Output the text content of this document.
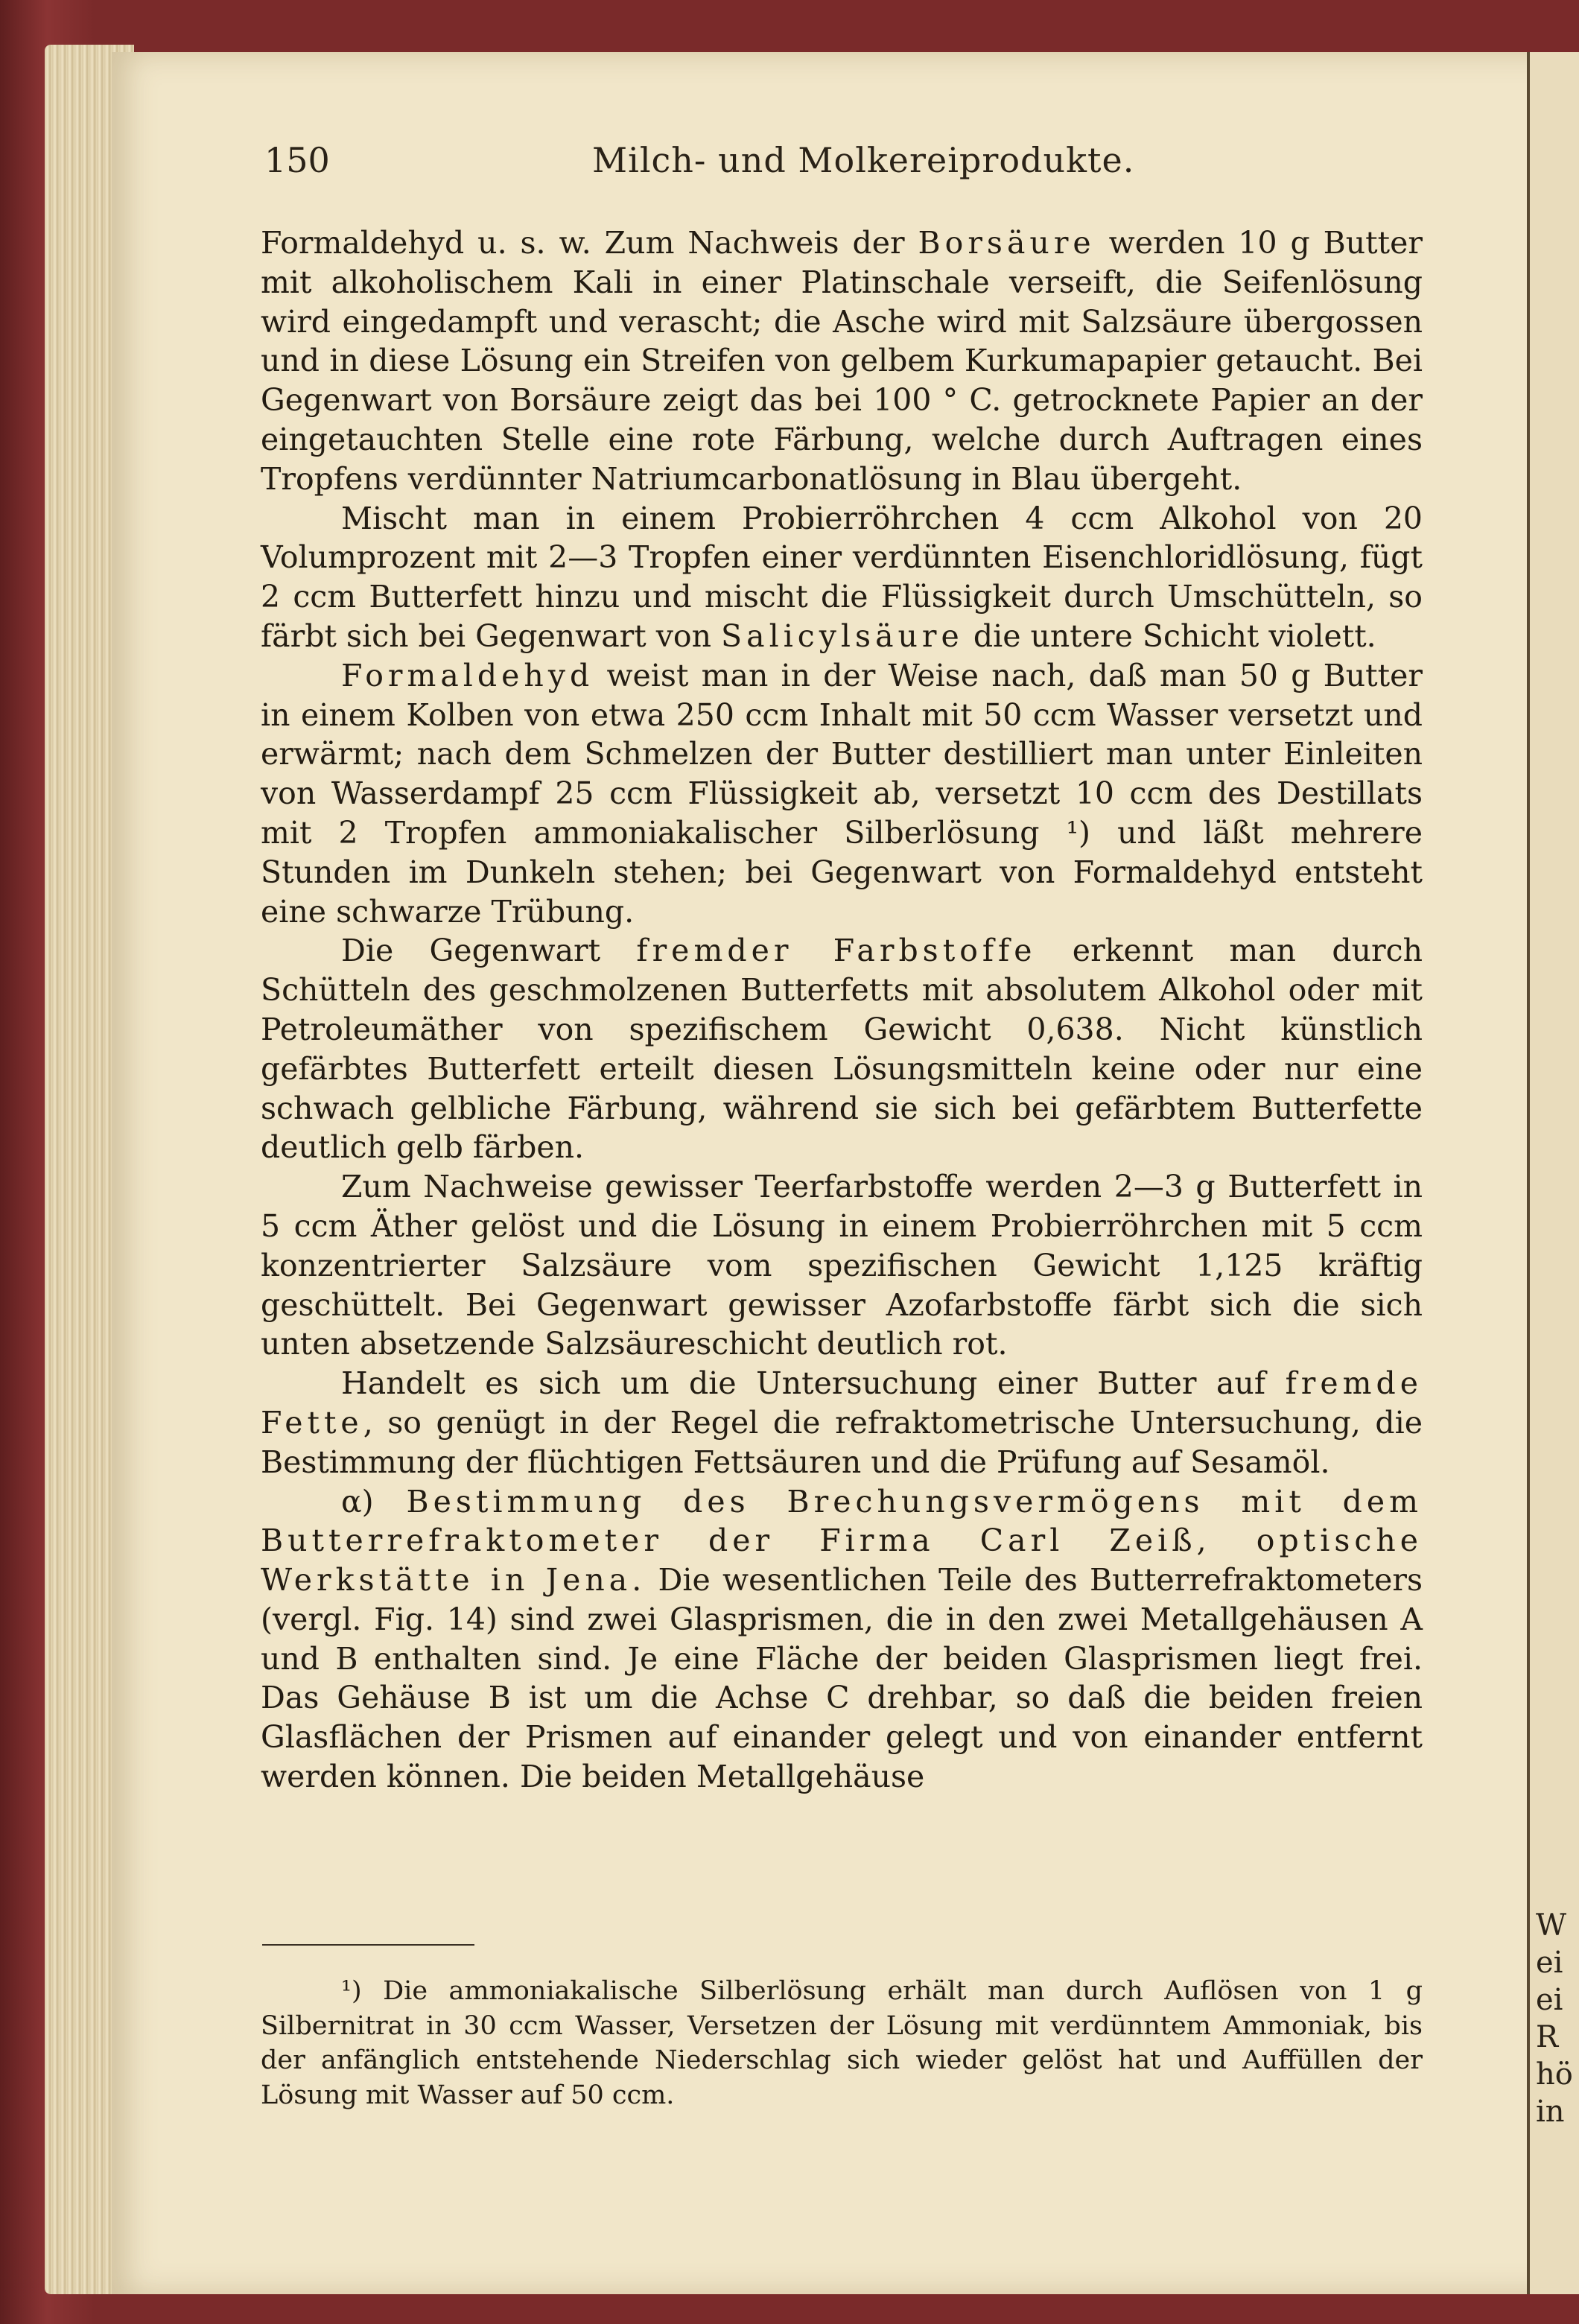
W
ei
ei
R
hö
in
150	Milch- und Molkereiprodukte.

Formaldehyd u. s. w. Zum Nachweis der Borsäure werden 10 g Butter mit alkoholischem Kali in einer Platinschale verseift, die Seifenlösung wird eingedampft und verascht; die Asche wird mit Salzsäure übergossen und in diese Lösung ein Streifen von gelbem Kurkumapapier getaucht. Bei Gegenwart von Borsäure zeigt das bei 100 ° C. getrocknete Papier an der eingetauchten Stelle eine rote Färbung, welche durch Auftragen eines Tropfens verdünnter Natriumcarbonatlösung in Blau übergeht.

Mischt man in einem Probierröhrchen 4 ccm Alkohol von 20 Volumprozent mit 2—3 Tropfen einer verdünnten Eisenchloridlösung, fügt 2 ccm Butterfett hinzu und mischt die Flüssigkeit durch Umschütteln, so färbt sich bei Gegenwart von Salicylsäure die untere Schicht violett.

Formaldehyd weist man in der Weise nach, daß man 50 g Butter in einem Kolben von etwa 250 ccm Inhalt mit 50 ccm Wasser versetzt und erwärmt; nach dem Schmelzen der Butter destilliert man unter Einleiten von Wasserdampf 25 ccm Flüssigkeit ab, versetzt 10 ccm des Destillats mit 2 Tropfen ammoniakalischer Silberlösung ¹) und läßt mehrere Stunden im Dunkeln stehen; bei Gegenwart von Formaldehyd entsteht eine schwarze Trübung.

Die Gegenwart fremder Farbstoffe erkennt man durch Schütteln des geschmolzenen Butterfetts mit absolutem Alkohol oder mit Petroleumäther von spezifischem Gewicht 0,638. Nicht künstlich gefärbtes Butterfett erteilt diesen Lösungsmitteln keine oder nur eine schwach gelbliche Färbung, während sie sich bei gefärbtem Butterfette deutlich gelb färben.

Zum Nachweise gewisser Teerfarbstoffe werden 2—3 g Butterfett in 5 ccm Äther gelöst und die Lösung in einem Probierröhrchen mit 5 ccm konzentrierter Salzsäure vom spezifischen Gewicht 1,125 kräftig geschüttelt. Bei Gegenwart gewisser Azofarbstoffe färbt sich die sich unten absetzende Salzsäureschicht deutlich rot.

Handelt es sich um die Untersuchung einer Butter auf fremde Fette, so genügt in der Regel die refraktometrische Untersuchung, die Bestimmung der flüchtigen Fettsäuren und die Prüfung auf Sesamöl.

α) Bestimmung des Brechungsvermögens mit dem Butterrefraktometer der Firma Carl Zeiß, optische Werkstätte in Jena. Die wesentlichen Teile des Butterrefraktometers (vergl. Fig. 14) sind zwei Glasprismen, die in den zwei Metallgehäusen A und B enthalten sind. Je eine Fläche der beiden Glasprismen liegt frei. Das Gehäuse B ist um die Achse C drehbar, so daß die beiden freien Glasflächen der Prismen auf einander gelegt und von einander entfernt werden können. Die beiden Metallgehäuse

¹) Die ammoniakalische Silberlösung erhält man durch Auflösen von 1 g Silbernitrat in 30 ccm Wasser, Versetzen der Lösung mit verdünntem Ammoniak, bis der anfänglich entstehende Niederschlag sich wieder gelöst hat und Auffüllen der Lösung mit Wasser auf 50 ccm.
